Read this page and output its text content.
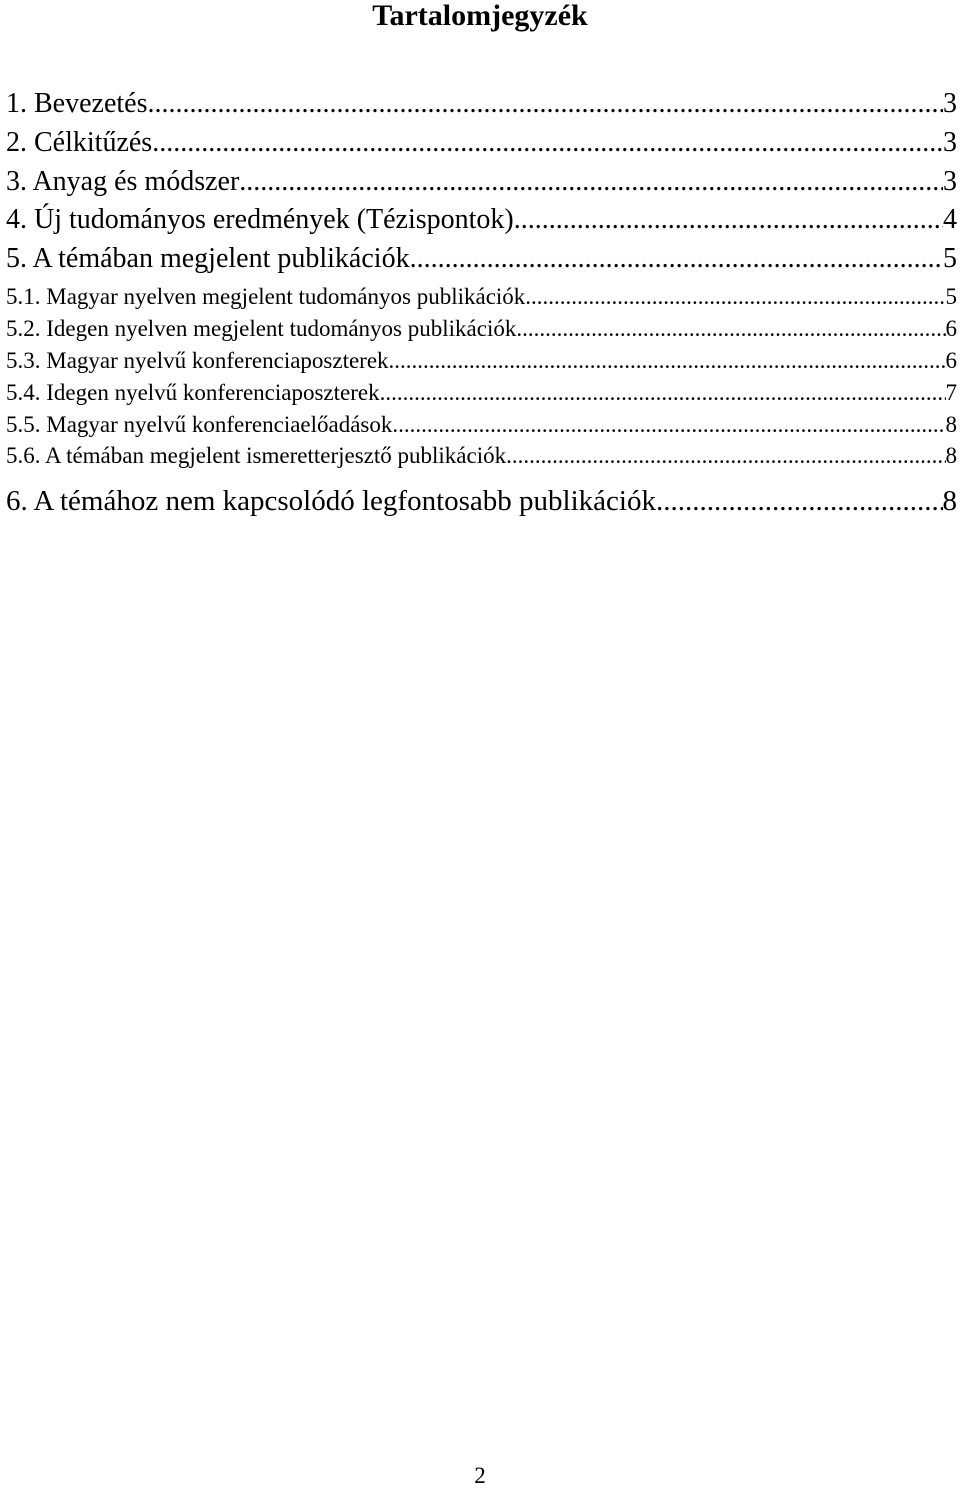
Tartalomjegyzék
1. Bevezetés .....	3
2. Célkitűzés .....	3
3. Anyag és módszer .....	3
4. Új tudományos eredmények (Tézispontok) .....	4
5. A témában megjelent publikációk .....	5
5.1. Magyar nyelven megjelent tudományos publikációk .....	5
5.2. Idegen nyelven megjelent tudományos publikációk .....	6
5.3. Magyar nyelvű konferenciaposzterek .....	6
5.4. Idegen nyelvű konferenciaposzterek .....	7
5.5. Magyar nyelvű konferenciaelőadások .....	8
5.6. A témában megjelent ismeretterjesztő publikációk .....	8
6. A témához nem kapcsolódó legfontosabb publikációk .....	8
2
